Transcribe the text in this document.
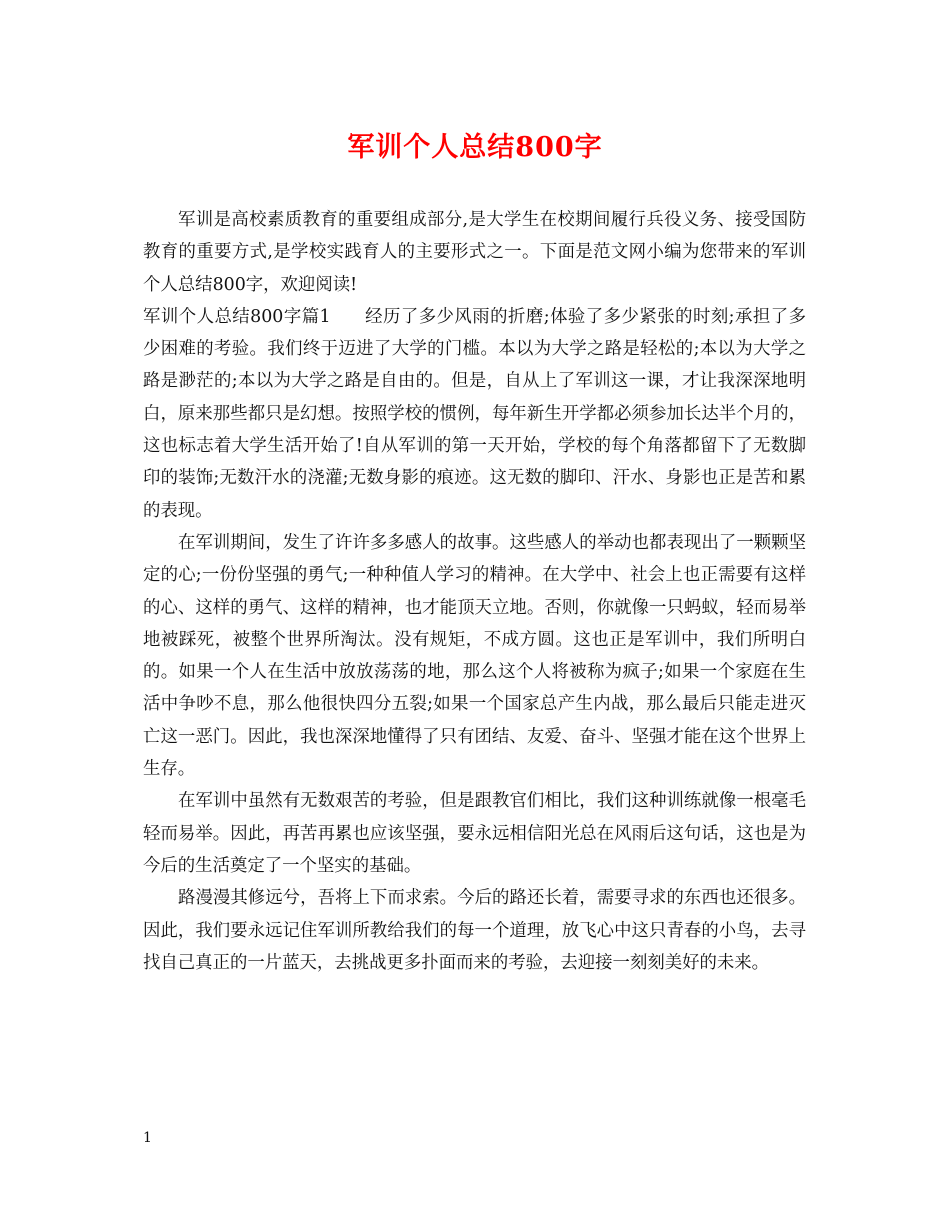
军训个人总结800字

军训是高校素质教育的重要组成部分,是大学生在校期间履行兵役义务、接受国防教育的重要方式,是学校实践育人的主要形式之一。下面是范文网小编为您带来的军训个人总结800字，欢迎阅读!

军训个人总结800字篇1 经历了多少风雨的折磨;体验了多少紧张的时刻;承担了多少困难的考验。我们终于迈进了大学的门槛。本以为大学之路是轻松的;本以为大学之路是渺茫的;本以为大学之路是自由的。但是，自从上了军训这一课，才让我深深地明白，原来那些都只是幻想。按照学校的惯例，每年新生开学都必须参加长达半个月的，这也标志着大学生活开始了!自从军训的第一天开始，学校的每个角落都留下了无数脚印的装饰;无数汗水的浇灌;无数身影的痕迹。这无数的脚印、汗水、身影也正是苦和累的表现。

在军训期间，发生了许许多多感人的故事。这些感人的举动也都表现出了一颗颗坚定的心;一份份坚强的勇气;一种种值人学习的精神。在大学中、社会上也正需要有这样的心、这样的勇气、这样的精神，也才能顶天立地。否则，你就像一只蚂蚁，轻而易举地被踩死，被整个世界所淘汰。没有规矩，不成方圆。这也正是军训中，我们所明白的。如果一个人在生活中放放荡荡的地，那么这个人将被称为疯子;如果一个家庭在生活中争吵不息，那么他很快四分五裂;如果一个国家总产生内战，那么最后只能走进灭亡这一恶门。因此，我也深深地懂得了只有团结、友爱、奋斗、坚强才能在这个世界上生存。

在军训中虽然有无数艰苦的考验，但是跟教官们相比，我们这种训练就像一根毫毛轻而易举。因此，再苦再累也应该坚强，要永远相信阳光总在风雨后这句话，这也是为今后的生活奠定了一个坚实的基础。

路漫漫其修远兮，吾将上下而求索。今后的路还长着，需要寻求的东西也还很多。因此，我们要永远记住军训所教给我们的每一个道理，放飞心中这只青春的小鸟，去寻找自己真正的一片蓝天，去挑战更多扑面而来的考验，去迎接一刻刻美好的未来。

1
